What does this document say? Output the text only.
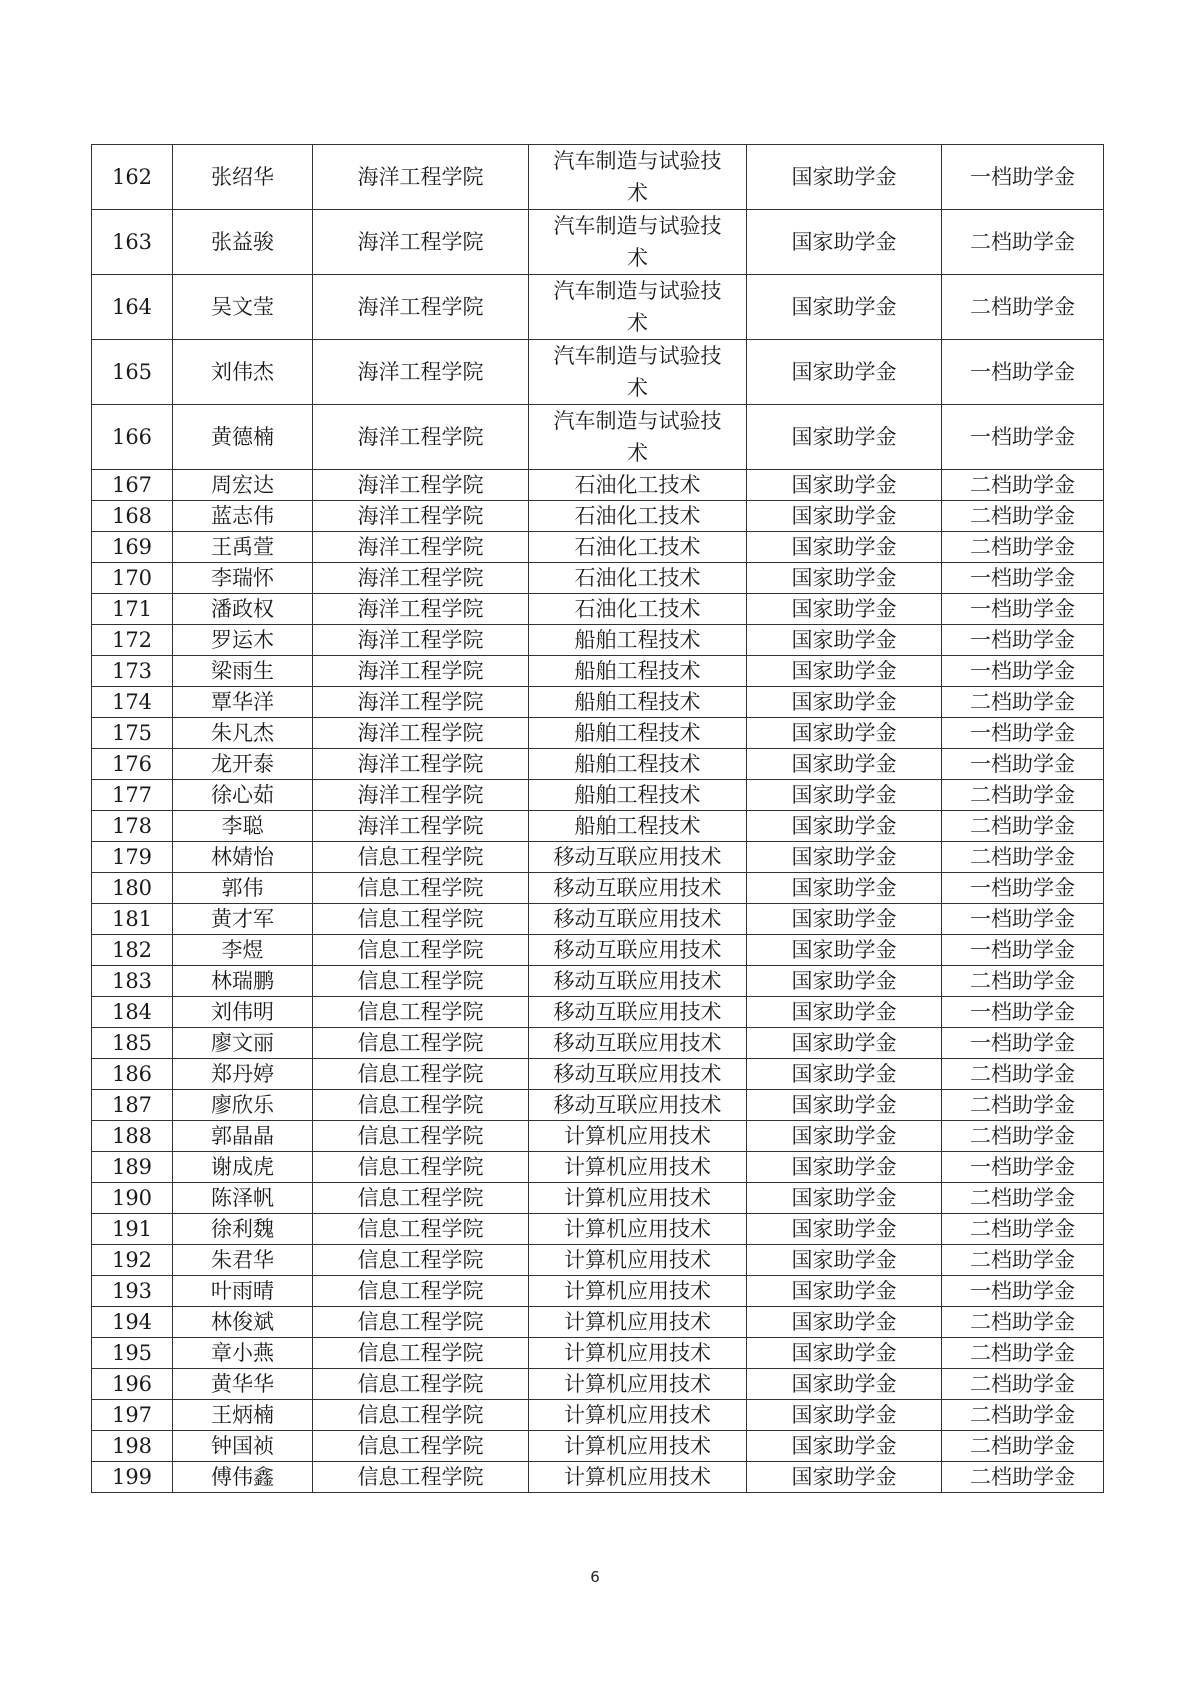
162	张绍华	海洋工程学院	汽车制造与试验技术	国家助学金	一档助学金
163	张益骏	海洋工程学院	汽车制造与试验技术	国家助学金	二档助学金
164	吴文莹	海洋工程学院	汽车制造与试验技术	国家助学金	二档助学金
165	刘伟杰	海洋工程学院	汽车制造与试验技术	国家助学金	一档助学金
166	黄德楠	海洋工程学院	汽车制造与试验技术	国家助学金	一档助学金
167	周宏达	海洋工程学院	石油化工技术	国家助学金	二档助学金
168	蓝志伟	海洋工程学院	石油化工技术	国家助学金	二档助学金
169	王禹萱	海洋工程学院	石油化工技术	国家助学金	二档助学金
170	李瑞怀	海洋工程学院	石油化工技术	国家助学金	一档助学金
171	潘政权	海洋工程学院	石油化工技术	国家助学金	一档助学金
172	罗运木	海洋工程学院	船舶工程技术	国家助学金	一档助学金
173	梁雨生	海洋工程学院	船舶工程技术	国家助学金	一档助学金
174	覃华洋	海洋工程学院	船舶工程技术	国家助学金	二档助学金
175	朱凡杰	海洋工程学院	船舶工程技术	国家助学金	一档助学金
176	龙开泰	海洋工程学院	船舶工程技术	国家助学金	一档助学金
177	徐心茹	海洋工程学院	船舶工程技术	国家助学金	二档助学金
178	李聪	海洋工程学院	船舶工程技术	国家助学金	二档助学金
179	林婧怡	信息工程学院	移动互联应用技术	国家助学金	二档助学金
180	郭伟	信息工程学院	移动互联应用技术	国家助学金	一档助学金
181	黄才军	信息工程学院	移动互联应用技术	国家助学金	一档助学金
182	李煜	信息工程学院	移动互联应用技术	国家助学金	一档助学金
183	林瑞鹏	信息工程学院	移动互联应用技术	国家助学金	二档助学金
184	刘伟明	信息工程学院	移动互联应用技术	国家助学金	一档助学金
185	廖文丽	信息工程学院	移动互联应用技术	国家助学金	一档助学金
186	郑丹婷	信息工程学院	移动互联应用技术	国家助学金	二档助学金
187	廖欣乐	信息工程学院	移动互联应用技术	国家助学金	二档助学金
188	郭晶晶	信息工程学院	计算机应用技术	国家助学金	二档助学金
189	谢成虎	信息工程学院	计算机应用技术	国家助学金	一档助学金
190	陈泽帆	信息工程学院	计算机应用技术	国家助学金	二档助学金
191	徐利魏	信息工程学院	计算机应用技术	国家助学金	二档助学金
192	朱君华	信息工程学院	计算机应用技术	国家助学金	二档助学金
193	叶雨晴	信息工程学院	计算机应用技术	国家助学金	一档助学金
194	林俊斌	信息工程学院	计算机应用技术	国家助学金	二档助学金
195	章小燕	信息工程学院	计算机应用技术	国家助学金	二档助学金
196	黄华华	信息工程学院	计算机应用技术	国家助学金	二档助学金
197	王炳楠	信息工程学院	计算机应用技术	国家助学金	二档助学金
198	钟国祯	信息工程学院	计算机应用技术	国家助学金	二档助学金
199	傅伟鑫	信息工程学院	计算机应用技术	国家助学金	二档助学金
6
